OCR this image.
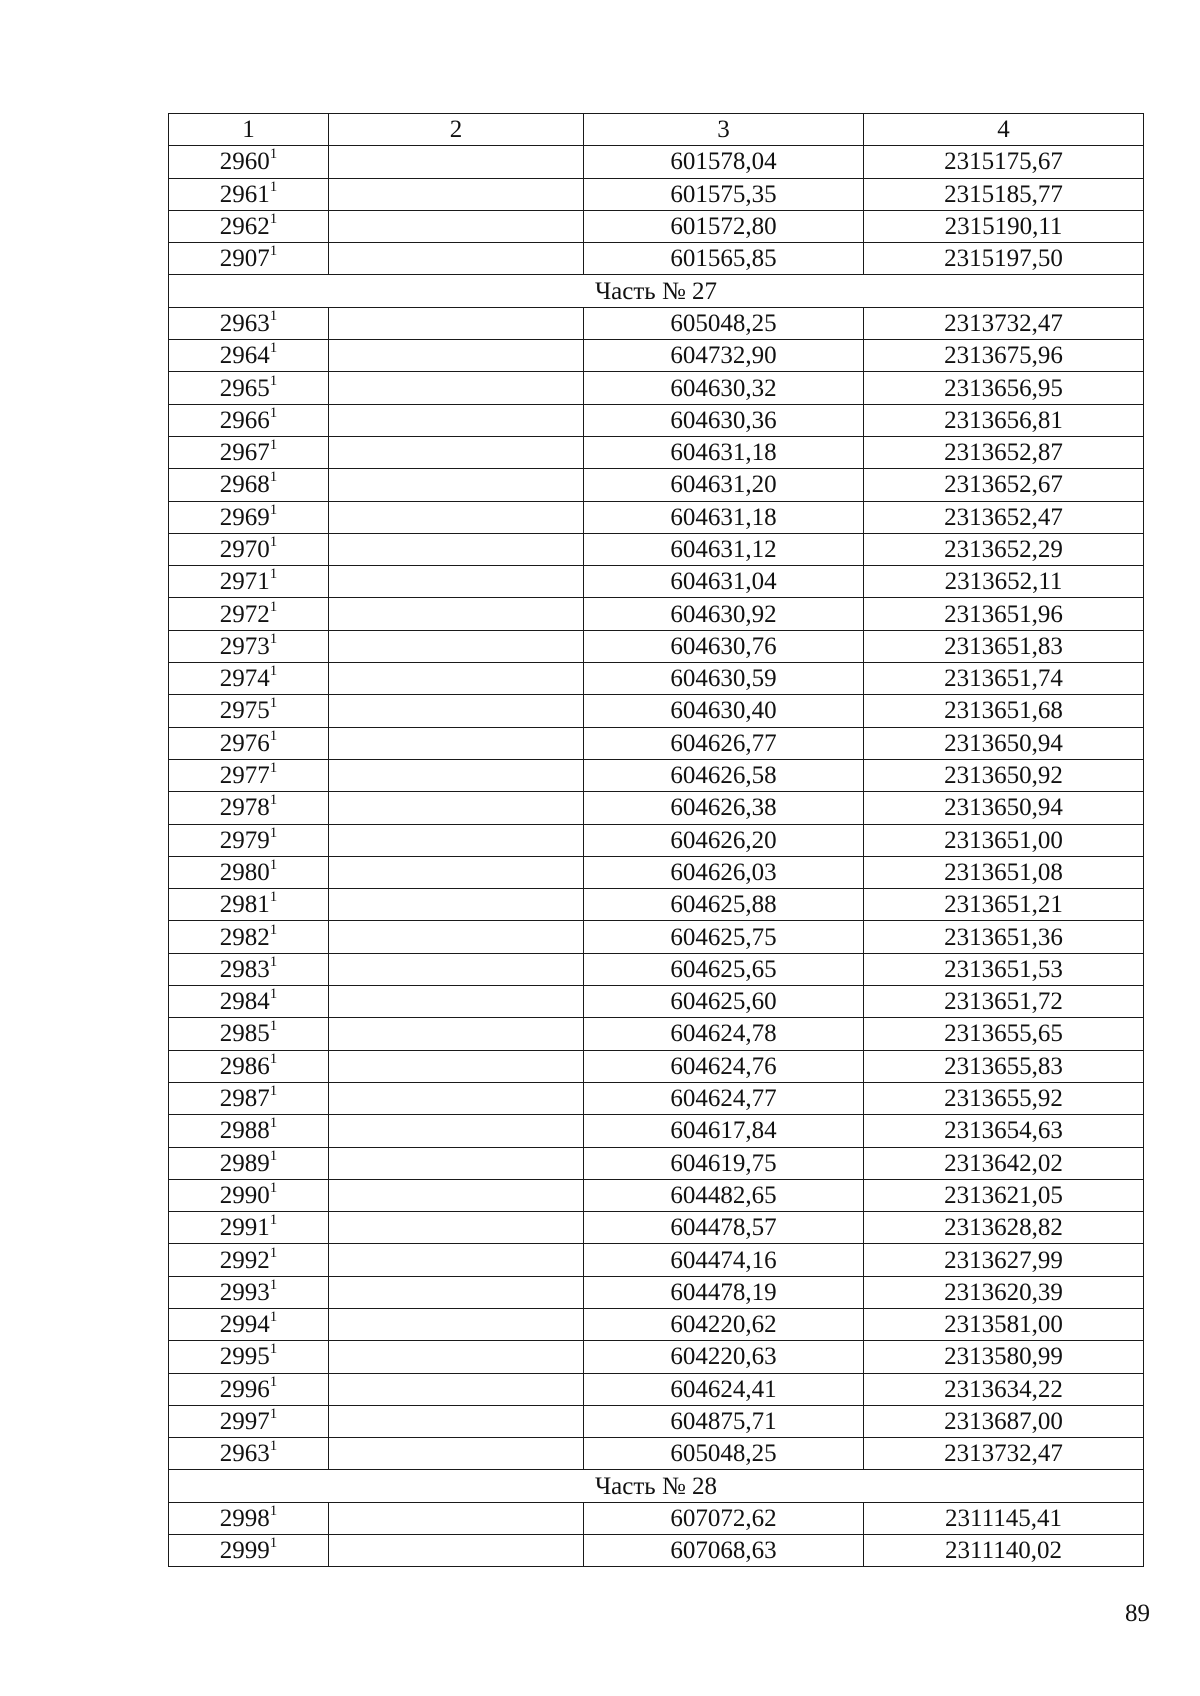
1	2	3	4
2960$^1$		601578,04	2315175,67
2961$^1$		601575,35	2315185,77
2962$^1$		601572,80	2315190,11
2907$^1$		601565,85	2315197,50
Часть № 27			
2963$^1$		605048,25	2313732,47
2964$^1$		604732,90	2313675,96
2965$^1$		604630,32	2313656,95
2966$^1$		604630,36	2313656,81
2967$^1$		604631,18	2313652,87
2968$^1$		604631,20	2313652,67
2969$^1$		604631,18	2313652,47
2970$^1$		604631,12	2313652,29
2971$^1$		604631,04	2313652,11
2972$^1$		604630,92	2313651,96
2973$^1$		604630,76	2313651,83
2974$^1$		604630,59	2313651,74
2975$^1$		604630,40	2313651,68
2976$^1$		604626,77	2313650,94
2977$^1$		604626,58	2313650,92
2978$^1$		604626,38	2313650,94
2979$^1$		604626,20	2313651,00
2980$^1$		604626,03	2313651,08
2981$^1$		604625,88	2313651,21
2982$^1$		604625,75	2313651,36
2983$^1$		604625,65	2313651,53
2984$^1$		604625,60	2313651,72
2985$^1$		604624,78	2313655,65
2986$^1$		604624,76	2313655,83
2987$^1$		604624,77	2313655,92
2988$^1$		604617,84	2313654,63
2989$^1$		604619,75	2313642,02
2990$^1$		604482,65	2313621,05
2991$^1$		604478,57	2313628,82
2992$^1$		604474,16	2313627,99
2993$^1$		604478,19	2313620,39
2994$^1$		604220,62	2313581,00
2995$^1$		604220,63	2313580,99
2996$^1$		604624,41	2313634,22
2997$^1$		604875,71	2313687,00
2963$^1$		605048,25	2313732,47
Часть № 28			
2998$^1$		607072,62	2311145,41
2999$^1$		607068,63	2311140,02
89
